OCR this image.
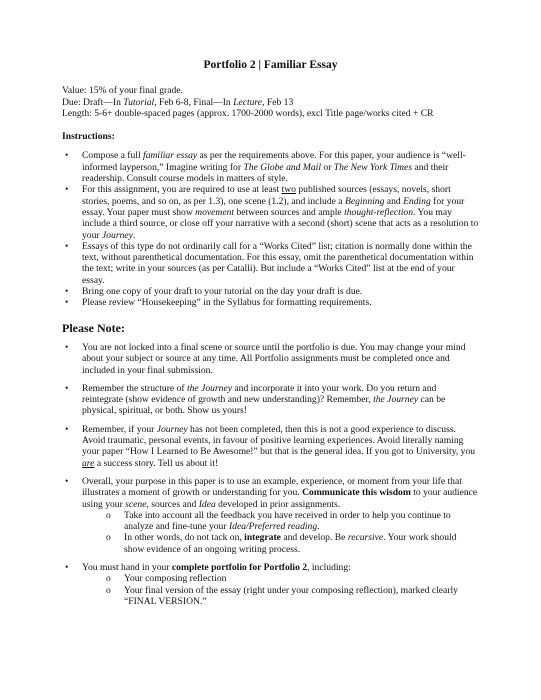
Portfolio 2 | Familiar Essay
Value: 15% of your final grade.
Due: Draft—In Tutorial, Feb 6-8, Final—In Lecture, Feb 13
Length: 5-6+ double-spaced pages (approx. 1700-2000 words), excl Title page/works cited + CR
Instructions:
• Compose a full familiar essay as per the requirements above. For this paper, your audience is “well-informed layperson,” Imagine writing for The Globe and Mail or The New York Times and their readership. Consult course models in matters of style.
• For this assignment, you are required to use at least two published sources (essays, novels, short stories, poems, and so on, as per 1.3), one scene (1.2), and include a Beginning and Ending for your essay. Your paper must show movement between sources and ample thought-reflection. You may include a third source, or close off your narrative with a second (short) scene that acts as a resolution to your Journey.
• Essays of this type do not ordinarily call for a “Works Cited” list; citation is normally done within the text, without parenthetical documentation. For this essay, omit the parenthetical documentation within the text; write in your sources (as per Catalli). But include a “Works Cited” list at the end of your essay.
• Bring one copy of your draft to your tutorial on the day your draft is due.
• Please review “Housekeeping” in the Syllabus for formatting requirements.
Please Note:
• You are not locked into a final scene or source until the portfolio is due. You may change your mind about your subject or source at any time. All Portfolio assignments must be completed once and included in your final submission.
• Remember the structure of the Journey and incorporate it into your work. Do you return and reintegrate (show evidence of growth and new understanding)? Remember, the Journey can be physical, spiritual, or both. Show us yours!
• Remember, if your Journey has not been completed, then this is not a good experience to discuss. Avoid traumatic, personal events, in favour of positive learning experiences. Avoid literally naming your paper “How I Learned to Be Awesome!” but that is the general idea. If you got to University, you are a success story. Tell us about it!
• Overall, your purpose in this paper is to use an example, experience, or moment from your life that illustrates a moment of growth or understanding for you. Communicate this wisdom to your audience using your scene, sources and Idea developed in prior assignments.
o Take into account all the feedback you have received in order to help you continue to analyze and fine-tune your Idea/Preferred reading.
o In other words, do not tack on, integrate and develop. Be recursive. Your work should show evidence of an ongoing writing process.
• You must hand in your complete portfolio for Portfolio 2, including:
o Your composing reflection
o Your final version of the essay (right under your composing reflection), marked clearly “FINAL VERSION.”
